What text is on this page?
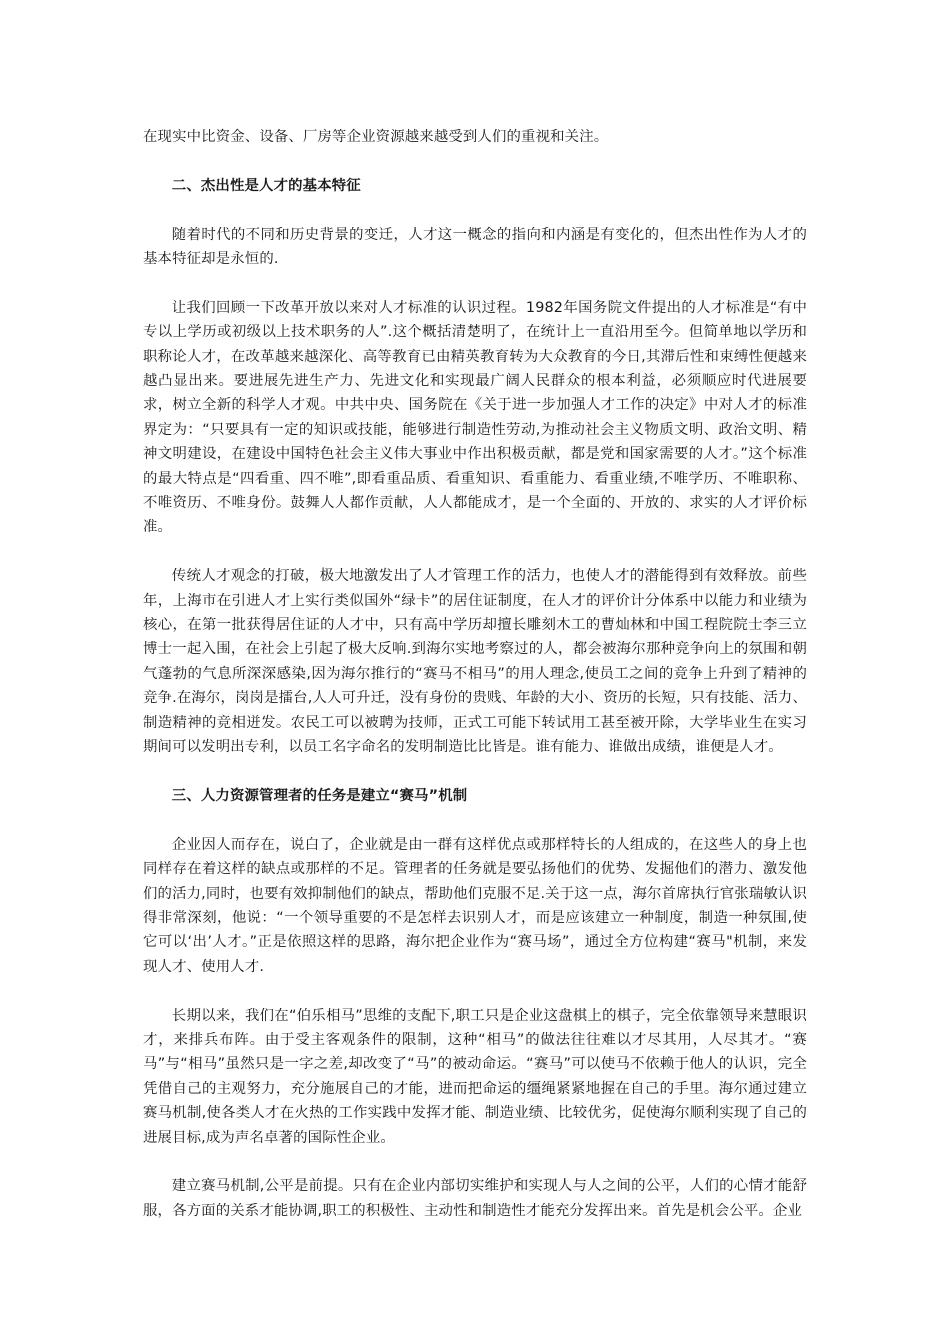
在现实中比资金、设备、厂房等企业资源越来越受到人们的重视和关注。

二、杰出性是人才的基本特征

随着时代的不同和历史背景的变迁，人才这一概念的指向和内涵是有变化的，但杰出性作为人才的基本特征却是永恒的.

让我们回顾一下改革开放以来对人才标准的认识过程。1982年国务院文件提出的人才标准是“有中专以上学历或初级以上技术职务的人”.这个概括清楚明了，在统计上一直沿用至今。但简单地以学历和职称论人才，在改革越来越深化、高等教育已由精英教育转为大众教育的今日,其滞后性和束缚性便越来越凸显出来。要进展先进生产力、先进文化和实现最广阔人民群众的根本利益，必须顺应时代进展要求，树立全新的科学人才观。中共中央、国务院在《关于进一步加强人才工作的决定》中对人才的标准界定为：“只要具有一定的知识或技能，能够进行制造性劳动,为推动社会主义物质文明、政治文明、精神文明建设，在建设中国特色社会主义伟大事业中作出积极贡献，都是党和国家需要的人才。”这个标准的最大特点是“四看重、四不唯”,即看重品质、看重知识、看重能力、看重业绩,不唯学历、不唯职称、不唯资历、不唯身份。鼓舞人人都作贡献，人人都能成才，是一个全面的、开放的、求实的人才评价标准。

传统人才观念的打破，极大地激发出了人才管理工作的活力，也使人才的潜能得到有效释放。前些年，上海市在引进人才上实行类似国外“绿卡”的居住证制度，在人才的评价计分体系中以能力和业绩为核心，在第一批获得居住证的人才中，只有高中学历却擅长雕刻木工的曹灿林和中国工程院院士李三立博士一起入围，在社会上引起了极大反响.到海尔实地考察过的人，都会被海尔那种竞争向上的氛围和朝气蓬勃的气息所深深感染,因为海尔推行的“赛马不相马”的用人理念,使员工之间的竞争上升到了精神的竞争.在海尔，岗岗是擂台,人人可升迁，没有身份的贵贱、年龄的大小、资历的长短，只有技能、活力、制造精神的竞相迸发。农民工可以被聘为技师，正式工可能下转试用工甚至被开除，大学毕业生在实习期间可以发明出专利，以员工名字命名的发明制造比比皆是。谁有能力、谁做出成绩，谁便是人才。

三、人力资源管理者的任务是建立“赛马”机制

企业因人而存在，说白了，企业就是由一群有这样优点或那样特长的人组成的，在这些人的身上也同样存在着这样的缺点或那样的不足。管理者的任务就是要弘扬他们的优势、发掘他们的潜力、激发他们的活力,同时，也要有效抑制他们的缺点，帮助他们克服不足.关于这一点，海尔首席执行官张瑞敏认识得非常深刻，他说：“一个领导重要的不是怎样去识别人才，而是应该建立一种制度，制造一种氛围,使它可以‘出’人才。”正是依照这样的思路，海尔把企业作为“赛马场”，通过全方位构建“赛马"机制，来发现人才、使用人才.

长期以来，我们在“伯乐相马”思维的支配下,职工只是企业这盘棋上的棋子，完全依靠领导来慧眼识才，来排兵布阵。由于受主客观条件的限制，这种“相马”的做法往往难以才尽其用，人尽其才。“赛马”与“相马”虽然只是一字之差,却改变了“马”的被动命运。“赛马”可以使马不依赖于他人的认识，完全凭借自己的主观努力，充分施展自己的才能，进而把命运的缰绳紧紧地握在自己的手里。海尔通过建立赛马机制,使各类人才在火热的工作实践中发挥才能、制造业绩、比较优劣，促使海尔顺利实现了自己的进展目标,成为声名卓著的国际性企业。

建立赛马机制,公平是前提。只有在企业内部切实维护和实现人与人之间的公平，人们的心情才能舒服，各方面的关系才能协调,职工的积极性、主动性和制造性才能充分发挥出来。首先是机会公平。企业
